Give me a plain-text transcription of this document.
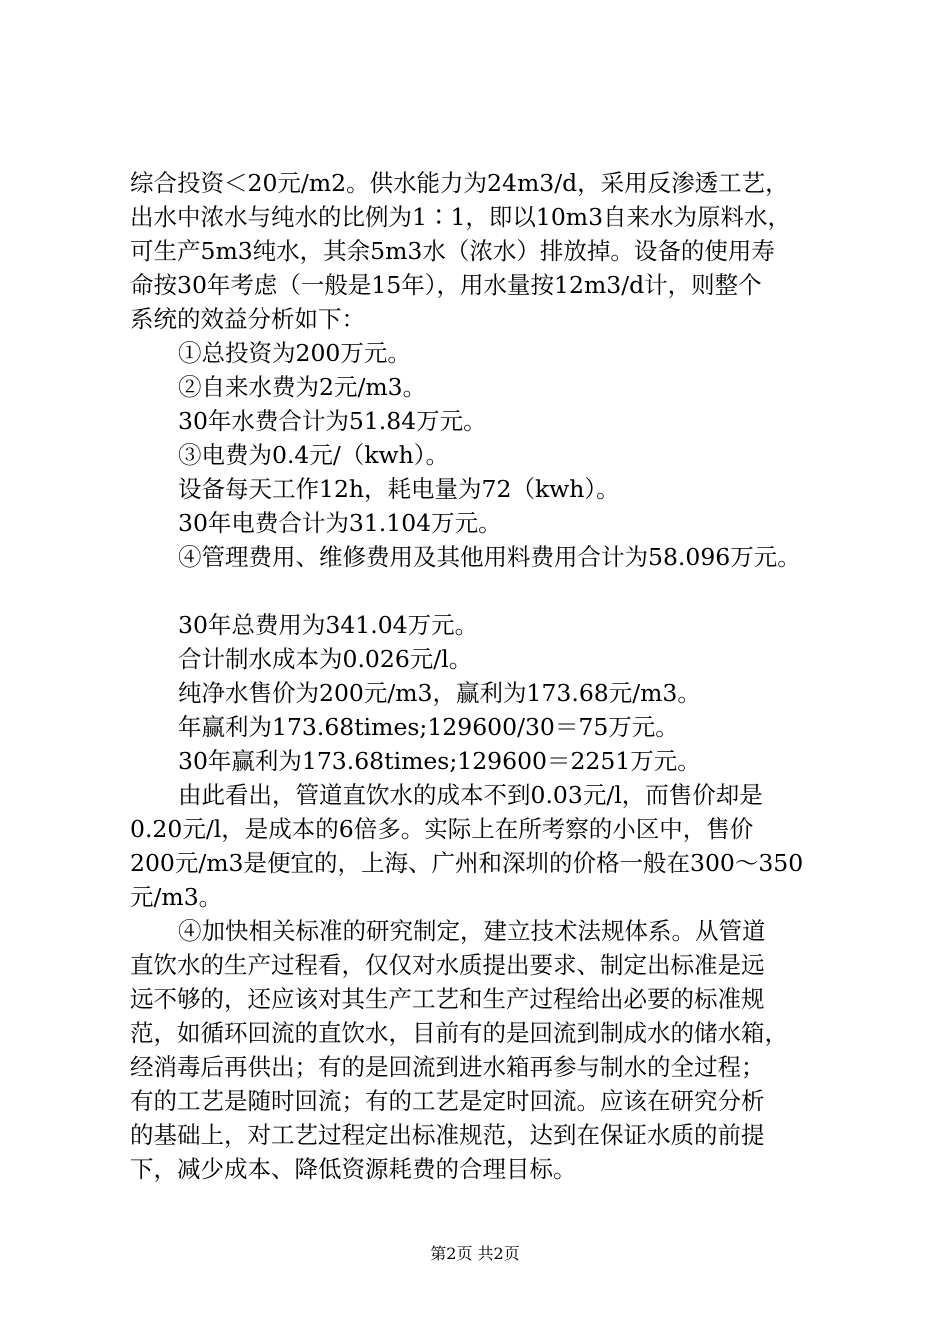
综合投资＜20元/m2。供水能力为24m3/d，采用反渗透工艺，
出水中浓水与纯水的比例为1∶1，即以10m3自来水为原料水，
可生产5m3纯水，其余5m3水（浓水）排放掉。设备的使用寿
命按30年考虑（一般是15年），用水量按12m3/d计，则整个
系统的效益分析如下：
①总投资为200万元。
②自来水费为2元/m3。
30年水费合计为51.84万元。
③电费为0.4元/（kwh）。
设备每天工作12h，耗电量为72（kwh）。
30年电费合计为31.104万元。
④管理费用、维修费用及其他用料费用合计为58.096万元。
30年总费用为341.04万元。
合计制水成本为0.026元/l。
纯净水售价为200元/m3，赢利为173.68元/m3。
年赢利为173.68times;129600/30＝75万元。
30年赢利为173.68times;129600＝2251万元。
由此看出，管道直饮水的成本不到0.03元/l，而售价却是
0.20元/l，是成本的6倍多。实际上在所考察的小区中，售价
200元/m3是便宜的，上海、广州和深圳的价格一般在300～350
元/m3。
④加快相关标准的研究制定，建立技术法规体系。从管道
直饮水的生产过程看，仅仅对水质提出要求、制定出标准是远
远不够的，还应该对其生产工艺和生产过程给出必要的标准规
范，如循环回流的直饮水，目前有的是回流到制成水的储水箱，
经消毒后再供出；有的是回流到进水箱再参与制水的全过程；
有的工艺是随时回流；有的工艺是定时回流。应该在研究分析
的基础上，对工艺过程定出标准规范，达到在保证水质的前提
下，减少成本、降低资源耗费的合理目标。
第2页 共2页
